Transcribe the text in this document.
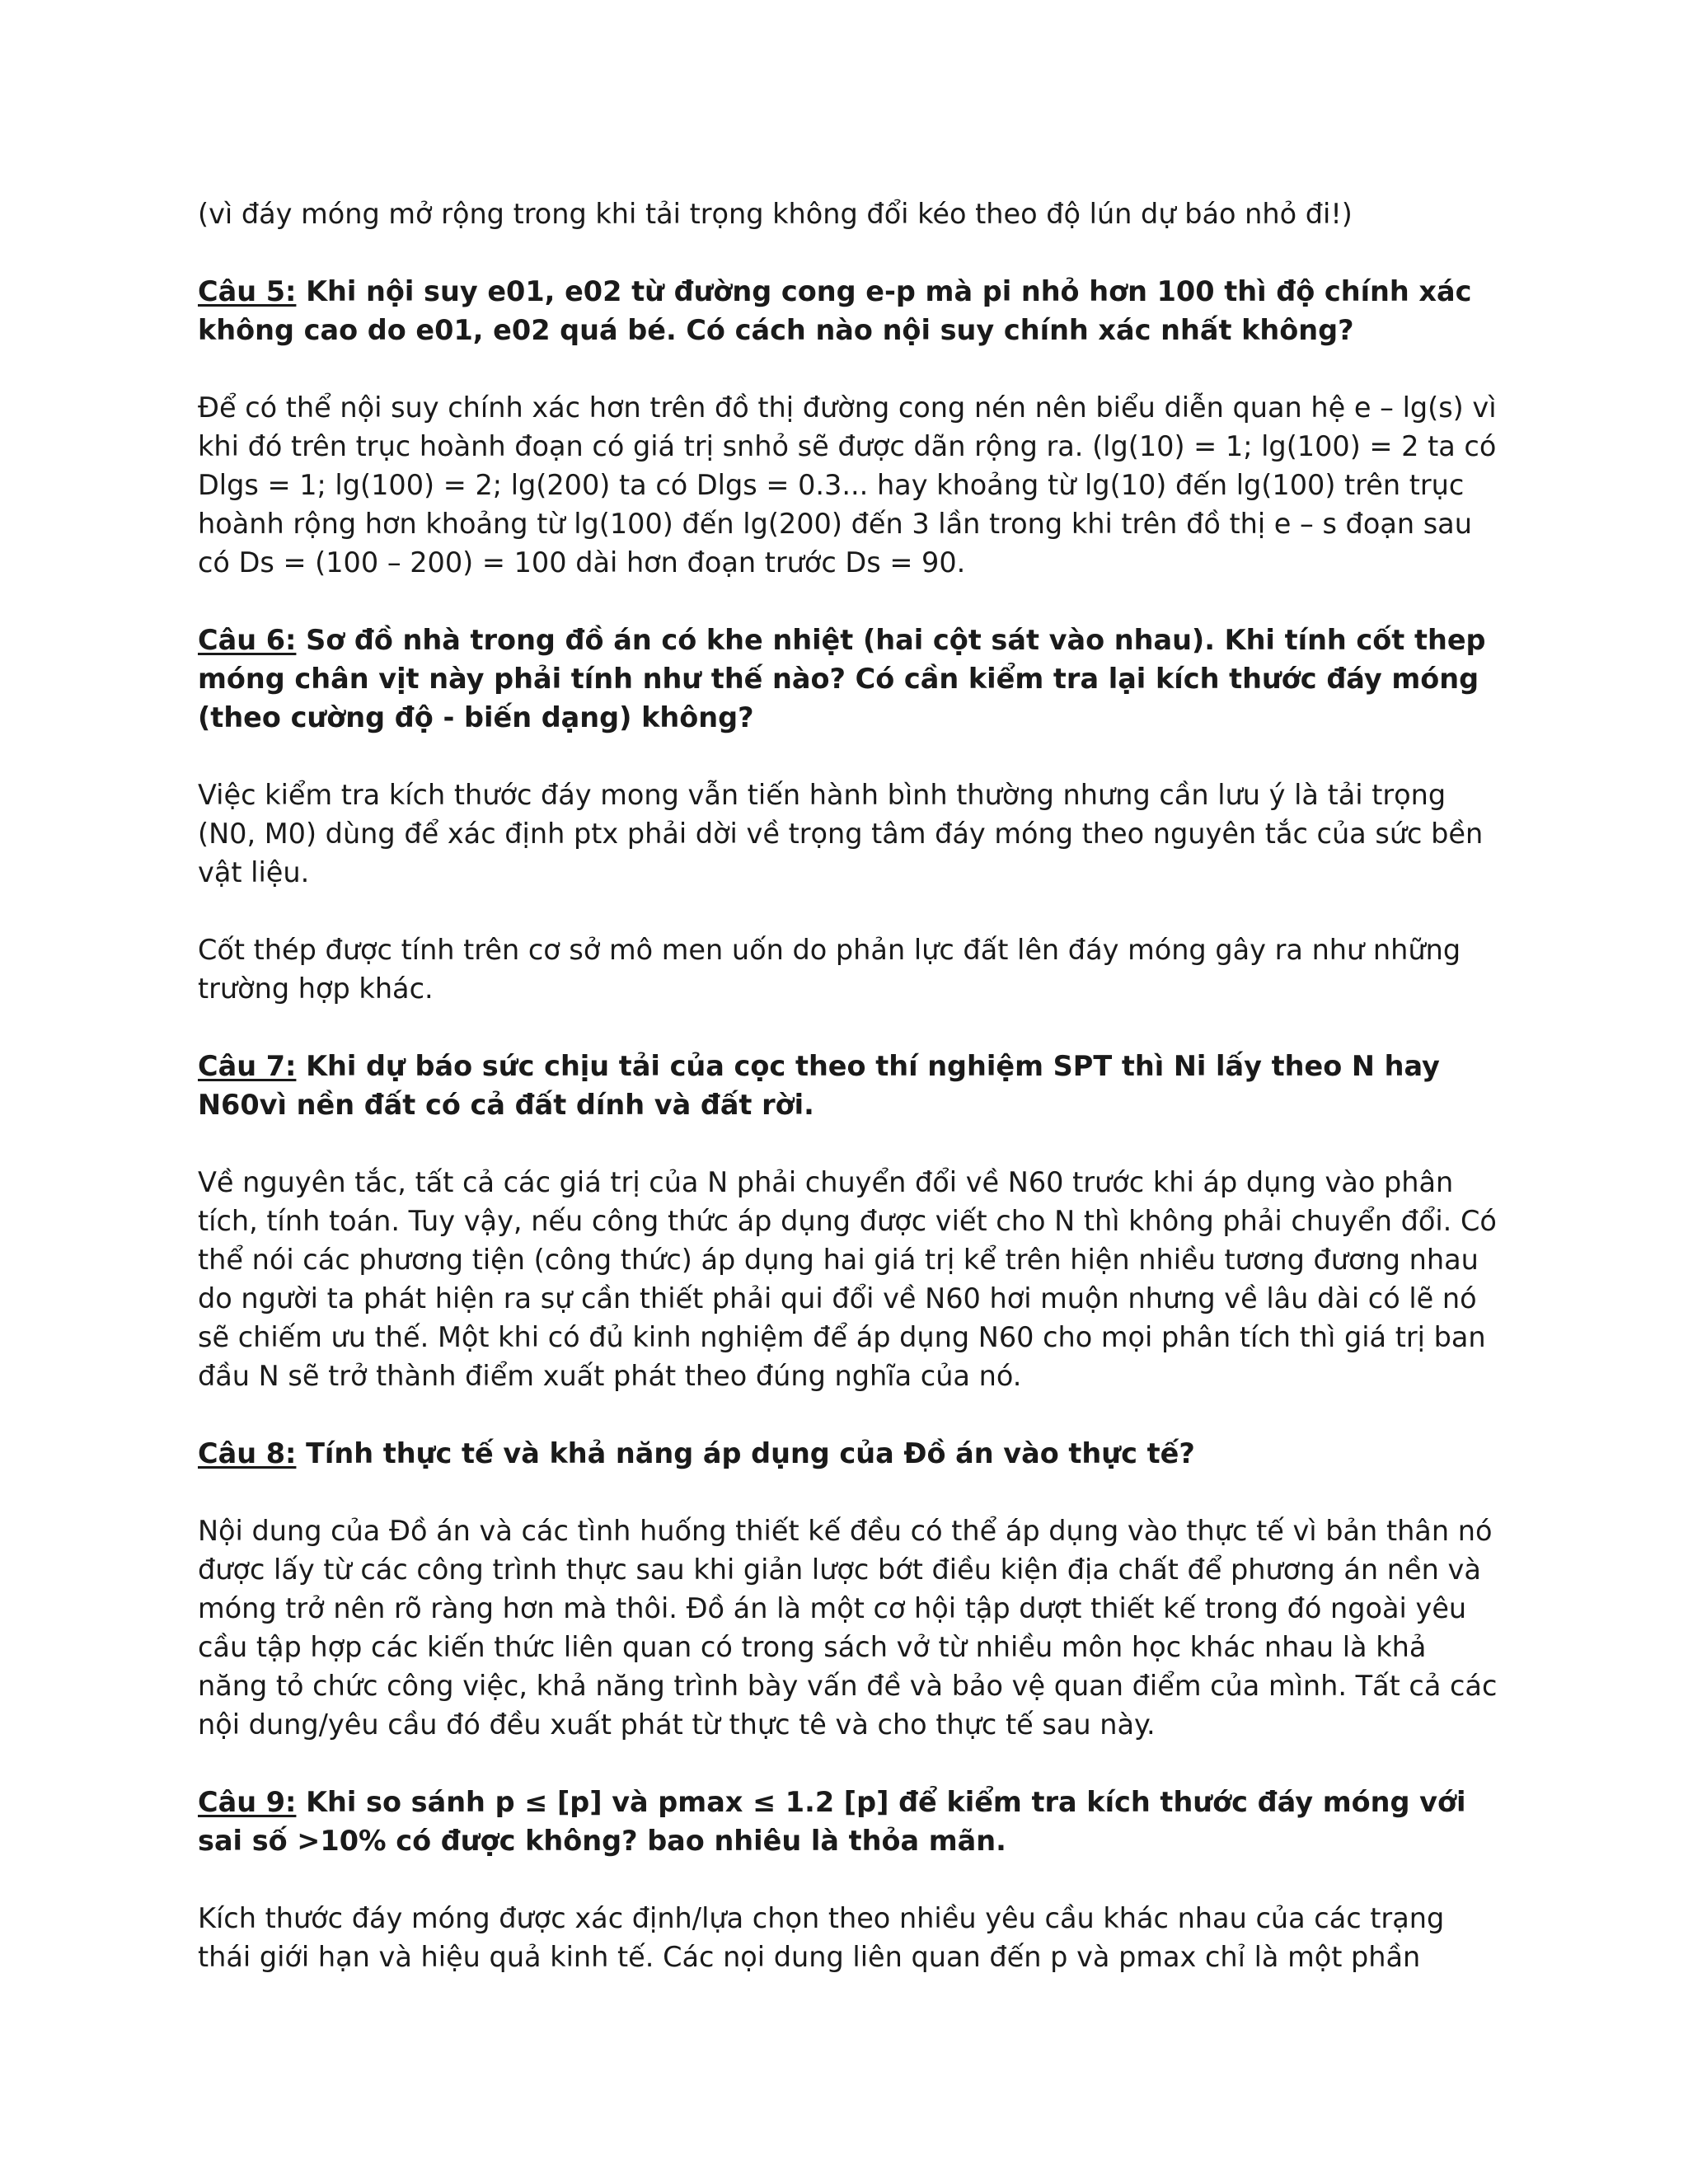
(vì đáy móng mở rộng trong khi tải trọng không đổi kéo theo độ lún dự báo nhỏ đi!)

Câu 5: Khi nội suy e01, e02 từ đường cong e-p mà pi nhỏ hơn 100 thì độ chính xác không cao do e01, e02 quá bé. Có cách nào nội suy chính xác nhất không?

Để có thể nội suy chính xác hơn trên đồ thị đường cong nén nên biểu diễn quan hệ e – lg(s) vì khi đó trên trục hoành đoạn có giá trị snhỏ sẽ được dãn rộng ra. (lg(10) = 1; lg(100) = 2 ta có Dlgs = 1; lg(100) = 2; lg(200) ta có Dlgs = 0.3... hay khoảng từ lg(10) đến lg(100) trên trục hoành rộng hơn khoảng từ lg(100) đến lg(200) đến 3 lần trong khi trên đồ thị e – s đoạn sau có Ds = (100 – 200) = 100 dài hơn đoạn trước Ds = 90.

Câu 6: Sơ đồ nhà trong đồ án có khe nhiệt (hai cột sát vào nhau). Khi tính cốt thep móng chân vịt này phải tính như thế nào? Có cần kiểm tra lại kích thước đáy móng (theo cường độ - biến dạng) không?

Việc kiểm tra kích thước đáy mong vẫn tiến hành bình thường nhưng cần lưu ý là tải trọng (N0, M0) dùng để xác định ptx phải dời về trọng tâm đáy móng theo nguyên tắc của sức bền vật liệu.

Cốt thép được tính trên cơ sở mô men uốn do phản lực đất lên đáy móng gây ra như những trường hợp khác.

Câu 7: Khi dự báo sức chịu tải của cọc theo thí nghiệm SPT thì Ni lấy theo N hay N60vì nền đất có cả đất dính và đất rời.

Về nguyên tắc, tất cả các giá trị của N phải chuyển đổi về N60 trước khi áp dụng vào phân tích, tính toán. Tuy vậy, nếu công thức áp dụng được viết cho N thì không phải chuyển đổi. Có thể nói các phương tiện (công thức) áp dụng hai giá trị kể trên hiện nhiều tương đương nhau do người ta phát hiện ra sự cần thiết phải qui đổi về N60 hơi muộn nhưng về lâu dài có lẽ nó sẽ chiếm ưu thế. Một khi có đủ kinh nghiệm để áp dụng N60 cho mọi phân tích thì giá trị ban đầu N sẽ trở thành điểm xuất phát theo đúng nghĩa của nó.

Câu 8: Tính thực tế và khả năng áp dụng của Đồ án vào thực tế?

Nội dung của Đồ án và các tình huống thiết kế đều có thể áp dụng vào thực tế vì bản thân nó được lấy từ các công trình thực sau khi giản lược bớt điều kiện địa chất để phương án nền và móng trở nên rõ ràng hơn mà thôi. Đồ án là một cơ hội tập dượt thiết kế trong đó ngoài yêu cầu tập hợp các kiến thức liên quan có trong sách vở từ nhiều môn học khác nhau là khả năng tỏ chức công việc, khả năng trình bày vấn đề và bảo vệ quan điểm của mình. Tất cả các nội dung/yêu cầu đó đều xuất phát từ thực tê và cho thực tế sau này.

Câu 9: Khi so sánh p ≤ [p] và pmax ≤ 1.2 [p] để kiểm tra kích thước đáy móng với sai số >10% có được không? bao nhiêu là thỏa mãn.

Kích thước đáy móng được xác định/lựa chọn theo nhiều yêu cầu khác nhau của các trạng thái giới hạn và hiệu quả kinh tế. Các nọi dung liên quan đến p và pmax chỉ là một phần
